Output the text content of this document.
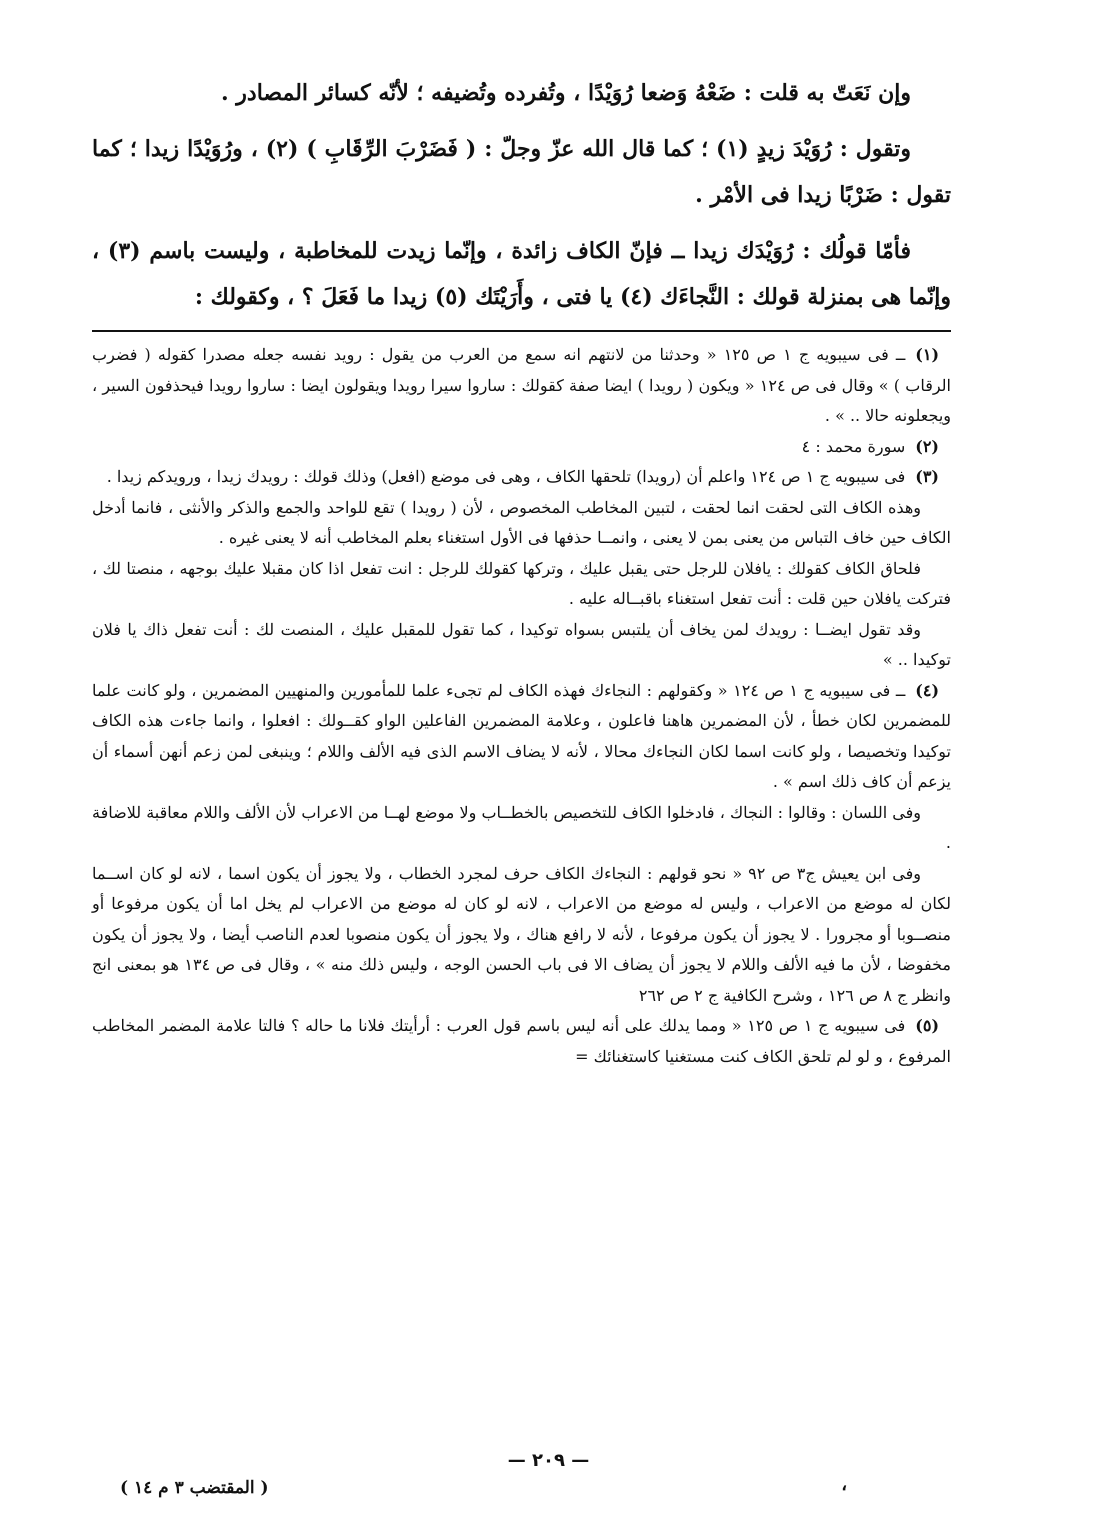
وإن نَعَتّ به قلت : ضَعْهُ وَضعا رُوَيْدًا ، وتُفرده وتُضيفه ؛ لأنّه كسائر المصادر .

وتقول : رُوَيْدَ زيدٍ (١) ؛ كما قال الله عزّ وجلّ : ( فَضَرْبَ الرِّقَابِ ) (٢) ، ورُوَيْدًا زيدا ؛ كما تقول : ضَرْبًا زيدا فى الأمْر .

فأمّا قولُك : رُوَيْدَك زيدا ــ فإنّ الكاف زائدة ، وإنّما زيدت للمخاطبة ، وليست باسم (٣) ، وإنّما هى بمنزلة قولك : النَّجاءَك (٤) يا فتى ، وأَرَيْتَك (٥) زيدا ما فَعَلَ ؟ ، وكقولك :

(١)ــ فى سيبويه ج ١ ص ١٢٥ « وحدثنا من لانتهم انه سمع من العرب من يقول : رويد نفسه جعله مصدرا كقوله ( فضرب الرقاب ) » وقال فى ص ١٢٤ « ويكون ( رويدا ) ايضا صفة كقولك : ساروا سيرا رويدا ويقولون ايضا : ساروا رويدا فيحذفون السير ، ويجعلونه حالا .. » .

(٢)سورة محمد : ٤

(٣)فى سيبويه ج ١ ص ١٢٤ واعلم أن (رويدا) تلحقها الكاف ، وهى فى موضع (افعل) وذلك قولك : رويدك زيدا ، ورويدكم زيدا .

وهذه الكاف التى لحقت انما لحقت ، لتبين المخاطب المخصوص ، لأن ( رويدا ) تقع للواحد والجمع والذكر والأنثى ، فانما أدخل الكاف حين خاف التباس من يعنى بمن لا يعنى ، وانمــا حذفها فى الأول استغناء بعلم المخاطب أنه لا يعنى غيره .

فلحاق الكاف كقولك : يافلان للرجل حتى يقبل عليك ، وتركها كقولك للرجل : انت تفعل اذا كان مقبلا عليك بوجهه ، منصتا لك ، فتركت يافلان حين قلت : أنت تفعل استغناء باقبــاله عليه .

وقد تقول ايضــا : رويدك لمن يخاف أن يلتبس بسواه توكيدا ، كما تقول للمقبل عليك ، المنصت لك : أنت تفعل ذاك يا فلان توكيدا .. »

(٤)ــ فى سيبويه ج ١ ص ١٢٤ « وكقولهم : النجاءك فهذه الكاف لم تجىء علما للمأمورين والمنهيين المضمرين ، ولو كانت علما للمضمرين لكان خطأ ، لأن المضمرين هاهنا فاعلون ، وعلامة المضمرين الفاعلين الواو كقــولك : افعلوا ، وانما جاءت هذه الكاف توكيدا وتخصيصا ، ولو كانت اسما لكان النجاءك محالا ، لأنه لا يضاف الاسم الذى فيه الألف واللام ؛ وينبغى لمن زعم أنهن أسماء أن يزعم أن كاف ذلك اسم » .

وفى اللسان : وقالوا : النجاك ، فادخلوا الكاف للتخصيص بالخطــاب ولا موضع لهــا من الاعراب لأن الألف واللام معاقبة للاضافة .

وفى ابن يعيش ج٣ ص ٩٢ « نحو قولهم : النجاءك الكاف حرف لمجرد الخطاب ، ولا يجوز أن يكون اسما ، لانه لو كان اســما لكان له موضع من الاعراب ، وليس له موضع من الاعراب ، لانه لو كان له موضع من الاعراب لم يخل اما أن يكون مرفوعا أو منصــوبا أو مجرورا . لا يجوز أن يكون مرفوعا ، لأنه لا رافع هناك ، ولا يجوز أن يكون منصوبا لعدم الناصب أيضا ، ولا يجوز أن يكون مخفوضا ، لأن ما فيه الألف واللام لا يجوز أن يضاف الا فى باب الحسن الوجه ، وليس ذلك منه » ، وقال فى ص ١٣٤ هو بمعنى انج وانظر ج ٨ ص ١٢٦ ، وشرح الكافية ج ٢ ص ٢٦٢

(٥)فى سيبويه ج ١ ص ١٢٥ « ومما يدلك على أنه ليس باسم قول العرب : أرأيتك فلانا ما حاله ؟ فالتا علامة المضمر المخاطب المرفوع ، و لو لم تلحق الكاف كنت مستغنيا كاستغنائك =

— ٢٠٩ —
( المقتضب ٣ م ١٤ )	،
